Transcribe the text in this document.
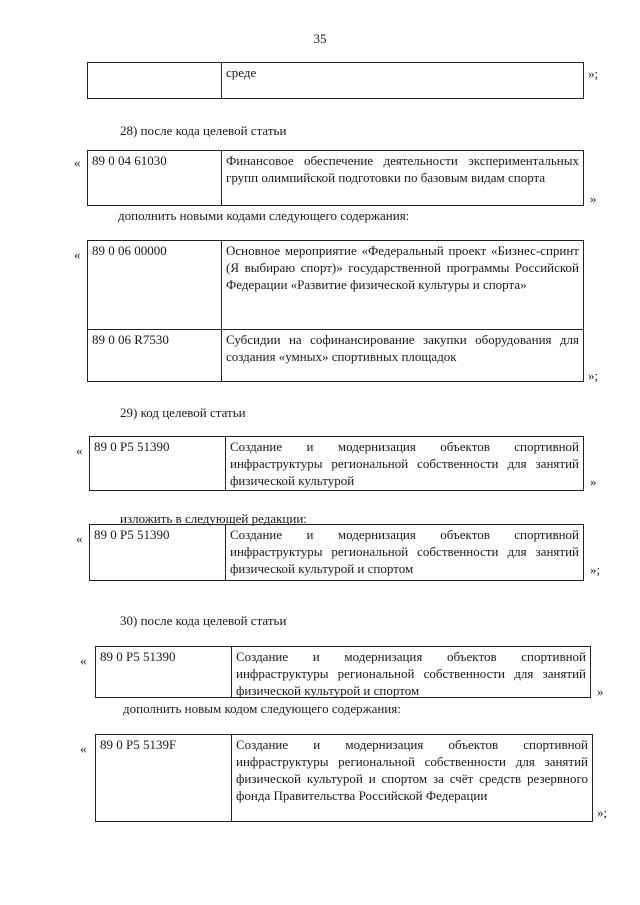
35
среде	»;
28) после кода целевой статьи
« 89 0 04 61030	Финансовое обеспечение деятельности экспериментальных групп олимпийской подготовки по базовым видам спорта
»
дополнить новыми кодами следующего содержания:
« 89 0 06 00000	Основное мероприятие «Федеральный проект «Бизнес-спринт (Я выбираю спорт)» государственной программы Российской Федерации «Развитие физической культуры и спорта»
89 0 06 R7530	Субсидии на софинансирование закупки оборудования для создания «умных» спортивных площадок
»;
29) код целевой статьи
« 89 0 P5 51390	Создание и модернизация объектов спортивной инфраструктуры региональной собственности для занятий физической культурой	»
изложить в следующей редакции:
« 89 0 P5 51390	Создание и модернизация объектов спортивной инфраструктуры региональной собственности для занятий физической культурой и спортом	»;
30) после кода целевой статьи
«	89 0 P5 51390	Создание и модернизация объектов спортивной инфраструктуры региональной собственности для занятий физической культурой и спортом	»
дополнить новым кодом следующего содержания:
«	89 0 P5 5139F	Создание и модернизация объектов спортивной инфраструктуры региональной собственности для занятий физической культурой и спортом за счёт средств резервного фонда Правительства Российской Федерации
»;
